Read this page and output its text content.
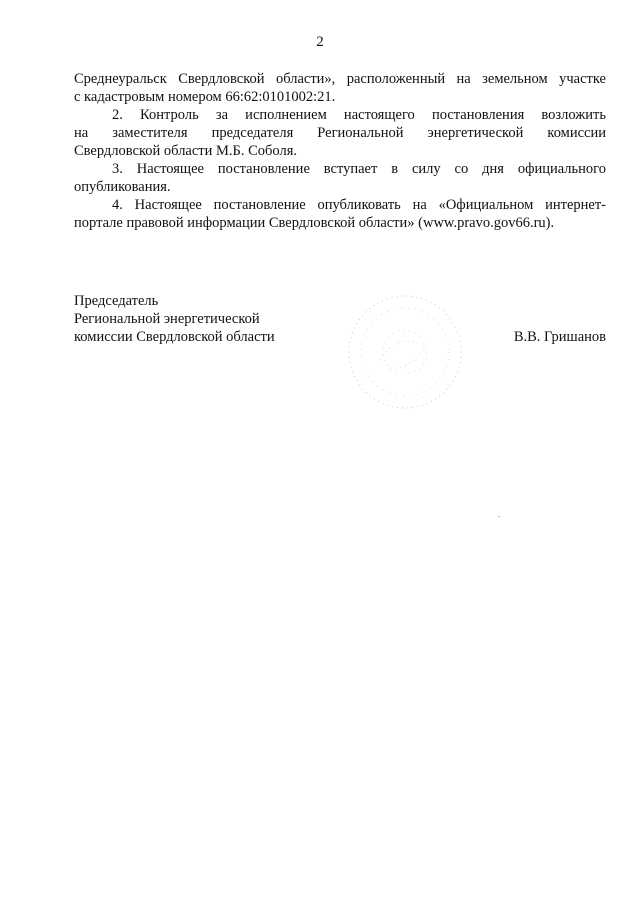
2
Среднеуральск Свердловской области», расположенный на земельном участке
с кадастровым номером 66:62:0101002:21.
2. Контроль за исполнением настоящего постановления возложить
на заместителя председателя Региональной энергетической комиссии
Свердловской области М.Б. Соболя.
3. Настоящее постановление вступает в силу со дня официального
опубликования.
4. Настоящее постановление опубликовать на «Официальном интернет-
портале правовой информации Свердловской области» (www.pravo.gov66.ru).
Председатель
Региональной энергетической
комиссии Свердловской области	В.В. Гришанов
